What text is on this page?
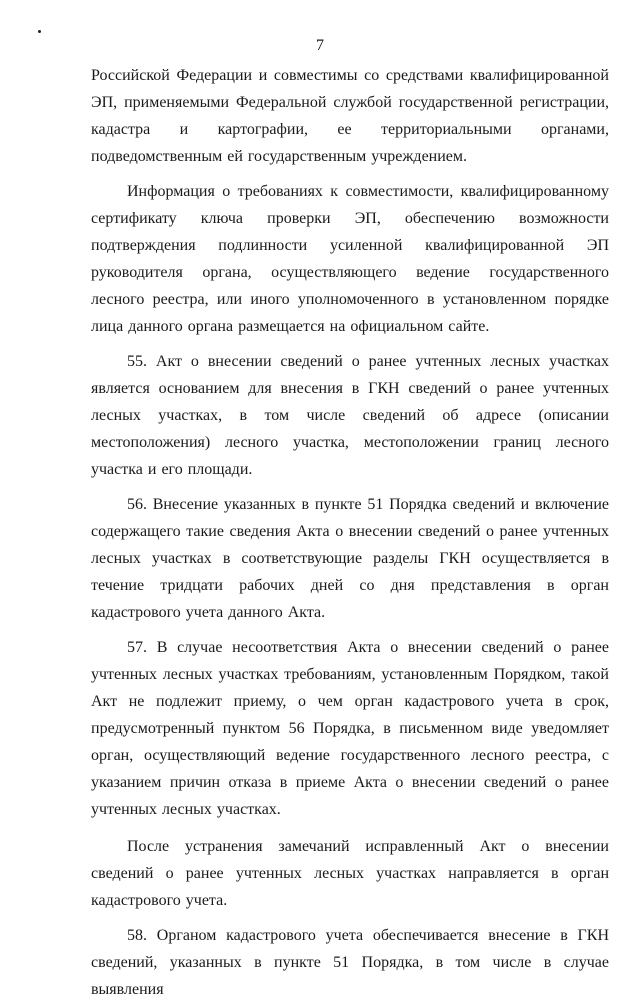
7

Российской Федерации и совместимы со средствами квалифицированной ЭП, применяемыми Федеральной службой государственной регистрации, кадастра и картографии, ее территориальными органами, подведомственным ей государственным учреждением.

Информация о требованиях к совместимости, квалифицированному сертификату ключа проверки ЭП, обеспечению возможности подтверждения подлинности усиленной квалифицированной ЭП руководителя органа, осуществляющего ведение государственного лесного реестра, или иного уполномоченного в установленном порядке лица данного органа размещается на официальном сайте.

55. Акт о внесении сведений о ранее учтенных лесных участках является основанием для внесения в ГКН сведений о ранее учтенных лесных участках, в том числе сведений об адресе (описании местоположения) лесного участка, местоположении границ лесного участка и его площади.

56. Внесение указанных в пункте 51 Порядка сведений и включение содержащего такие сведения Акта о внесении сведений о ранее учтенных лесных участках в соответствующие разделы ГКН осуществляется в течение тридцати рабочих дней со дня представления в орган кадастрового учета данного Акта.

57. В случае несоответствия Акта о внесении сведений о ранее учтенных лесных участках требованиям, установленным Порядком, такой Акт не подлежит приему, о чем орган кадастрового учета в срок, предусмотренный пунктом 56 Порядка, в письменном виде уведомляет орган, осуществляющий ведение государственного лесного реестра, с указанием причин отказа в приеме Акта о внесении сведений о ранее учтенных лесных участках.

После устранения замечаний исправленный Акт о внесении сведений о ранее учтенных лесных участках направляется в орган кадастрового учета.

58. Органом кадастрового учета обеспечивается внесение в ГКН сведений, указанных в пункте 51 Порядка, в том числе в случае выявления
